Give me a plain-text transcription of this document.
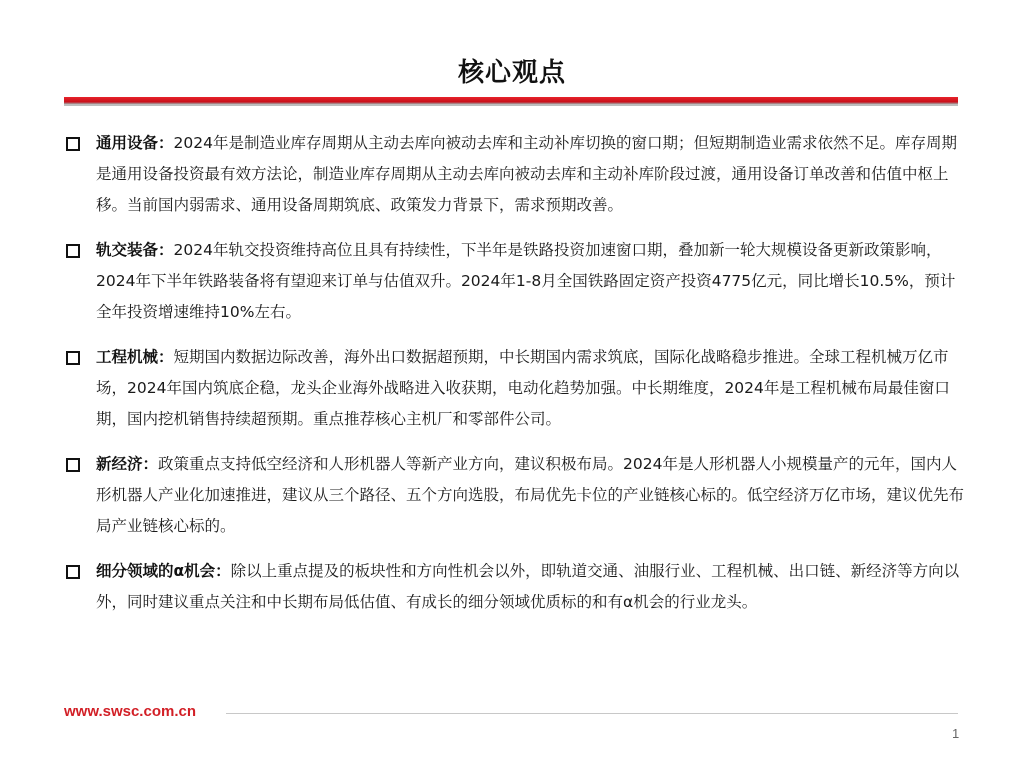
核心观点
通用设备：2024年是制造业库存周期从主动去库向被动去库和主动补库切换的窗口期；但短期制造业需求依然不足。库存周期是通用设备投资最有效方法论，制造业库存周期从主动去库向被动去库和主动补库阶段过渡，通用设备订单改善和估值中枢上移。当前国内弱需求、通用设备周期筑底、政策发力背景下，需求预期改善。
轨交装备：2024年轨交投资维持高位且具有持续性，下半年是铁路投资加速窗口期，叠加新一轮大规模设备更新政策影响，2024年下半年铁路装备将有望迎来订单与估值双升。2024年1-8月全国铁路固定资产投资4775亿元，同比增长10.5%，预计全年投资增速维持10%左右。
工程机械：短期国内数据边际改善，海外出口数据超预期，中长期国内需求筑底，国际化战略稳步推进。全球工程机械万亿市场，2024年国内筑底企稳，龙头企业海外战略进入收获期，电动化趋势加强。中长期维度，2024年是工程机械布局最佳窗口期，国内挖机销售持续超预期。重点推荐核心主机厂和零部件公司。
新经济：政策重点支持低空经济和人形机器人等新产业方向，建议积极布局。2024年是人形机器人小规模量产的元年，国内人形机器人产业化加速推进，建议从三个路径、五个方向选股，布局优先卡位的产业链核心标的。低空经济万亿市场，建议优先布局产业链核心标的。
细分领域的α机会：除以上重点提及的板块性和方向性机会以外，即轨道交通、油服行业、工程机械、出口链、新经济等方向以外，同时建议重点关注和中长期布局低估值、有成长的细分领域优质标的和有α机会的行业龙头。
www.swsc.com.cn
1
